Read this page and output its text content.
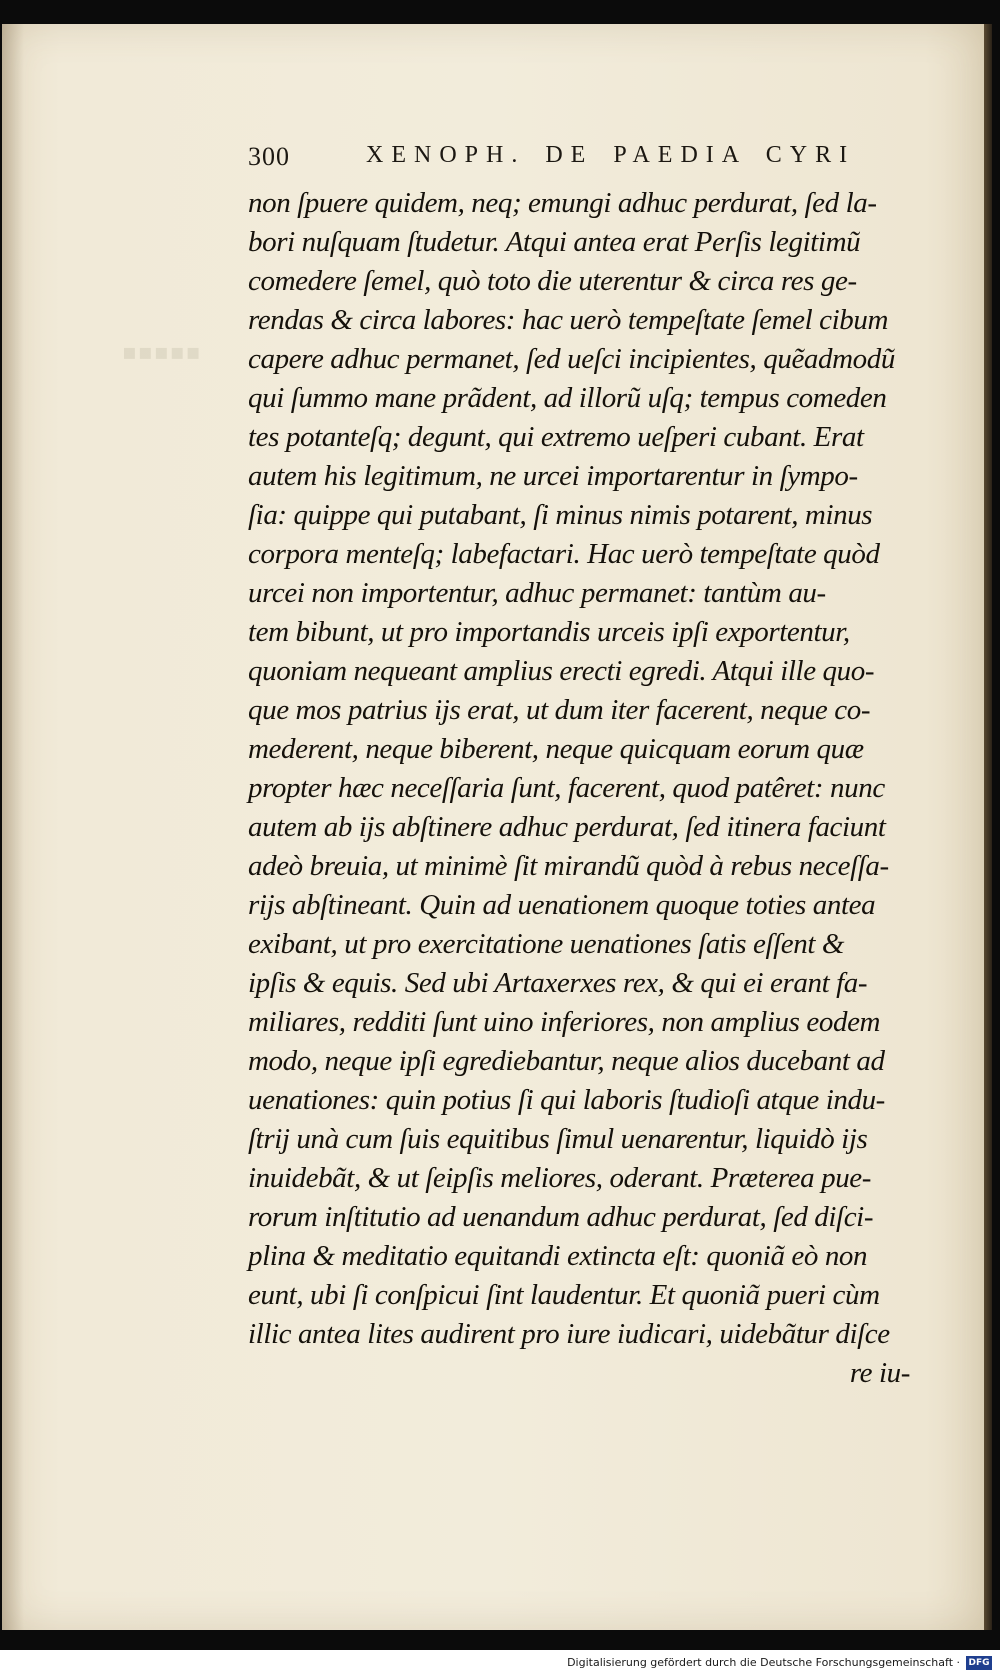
▪▪▪▪▪
300	XENOPH. DE PAEDIA CYRI
non ſpuere quidem, neq; emungi adhuc perdurat, ſed la-
bori nuſquam ſtudetur. Atqui antea erat Perſis legitimũ
comedere ſemel, quò toto die uterentur & circa res ge-
rendas & circa labores: hac uerò tempeſtate ſemel cibum
capere adhuc permanet, ſed ueſci incipientes, quẽadmodũ
qui ſummo mane prãdent, ad illorũ uſq; tempus comeden
tes potanteſq; degunt, qui extremo ueſperi cubant. Erat
autem his legitimum, ne urcei importarentur in ſympo-
ſia: quippe qui putabant, ſi minus nimis potarent, minus
corpora menteſq; labefactari. Hac uerò tempeſtate quòd
urcei non importentur, adhuc permanet: tantùm au-
tem bibunt, ut pro importandis urceis ipſi exportentur,
quoniam nequeant amplius erecti egredi. Atqui ille quo-
que mos patrius ijs erat, ut dum iter facerent, neque co-
mederent, neque biberent, neque quicquam eorum quæ
propter hæc neceſſaria ſunt, facerent, quod patêret: nunc
autem ab ijs abſtinere adhuc perdurat, ſed itinera faciunt
adeò breuia, ut minimè ſit mirandũ quòd à rebus neceſſa-
rijs abſtineant. Quin ad uenationem quoque toties antea
exibant, ut pro exercitatione uenationes ſatis eſſent &
ipſis & equis. Sed ubi Artaxerxes rex, & qui ei erant fa-
miliares, redditi ſunt uino inferiores, non amplius eodem
modo, neque ipſi egrediebantur, neque alios ducebant ad
uenationes: quin potius ſi qui laboris ſtudioſi atque indu-
ſtrij unà cum ſuis equitibus ſimul uenarentur, liquidò ijs
inuidebãt, & ut ſeipſis meliores, oderant. Præterea pue-
rorum inſtitutio ad uenandum adhuc perdurat, ſed diſci-
plina & meditatio equitandi extincta eſt: quoniã eò non
eunt, ubi ſi conſpicui ſint laudentur. Et quoniã pueri cùm
illic antea lites audirent pro iure iudicari, uidebãtur diſce
re iu-
Digitalisierung gefördert durch die Deutsche Forschungsgemeinschaft · DFG
